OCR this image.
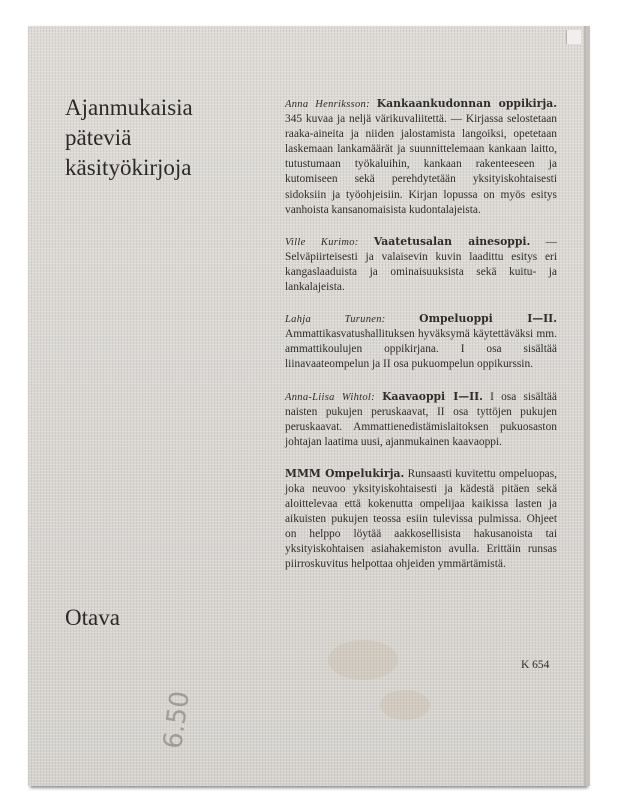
Ajanmukaisia
päteviä
käsityökirjoja
Otava

Anna Henriksson: Kankaankudonnan oppikirja. 345 kuvaa ja neljä värikuvaliitettä. — Kirjassa selostetaan raaka-aineita ja niiden jalostamista langoiksi, opetetaan laskemaan lankamäärät ja suunnittelemaan kankaan laitto, tutustumaan työkaluihin, kankaan rakenteeseen ja kutomiseen sekä perehdytetään yksityiskohtaisesti sidoksiin ja työohjeisiin. Kirjan lopussa on myös esitys vanhoista kansanomaisista kudontalajeista.

Ville Kurimo: Vaatetusalan ainesoppi. — Selväpiirteisesti ja valaisevin kuvin laadittu esitys eri kangaslaaduista ja ominaisuuksista sekä kuitu- ja lankalajeista.

Lahja Turunen:	Ompeluoppi I—II. Ammattikasvatushallituksen hyväksymä käytettäväksi mm. ammattikoulujen oppikirjana. I osa sisältää liinavaateompelun ja II osa pukuompelun oppikurssin.

Anna-Liisa Wihtol: Kaavaoppi I—II. I osa sisältää naisten pukujen peruskaavat, II osa tyttöjen pukujen peruskaavat. Ammattienedistämislaitoksen pukuosaston johtajan laatima uusi, ajanmukainen kaavaoppi.

MMM Ompelukirja. Runsaasti kuvitettu ompeluopas, joka neuvoo yksityiskohtaisesti ja kädestä pitäen sekä aloittelevaa että kokenutta ompelijaa kaikissa lasten ja aikuisten pukujen teossa esiin tulevissa pulmissa. Ohjeet on helppo löytää aakkosellisista hakusanoista tai yksityiskohtaisen asiahakemiston avulla. Erittäin runsas piirroskuvitus helpottaa ohjeiden ymmärtämistä.

K 654
6.50
